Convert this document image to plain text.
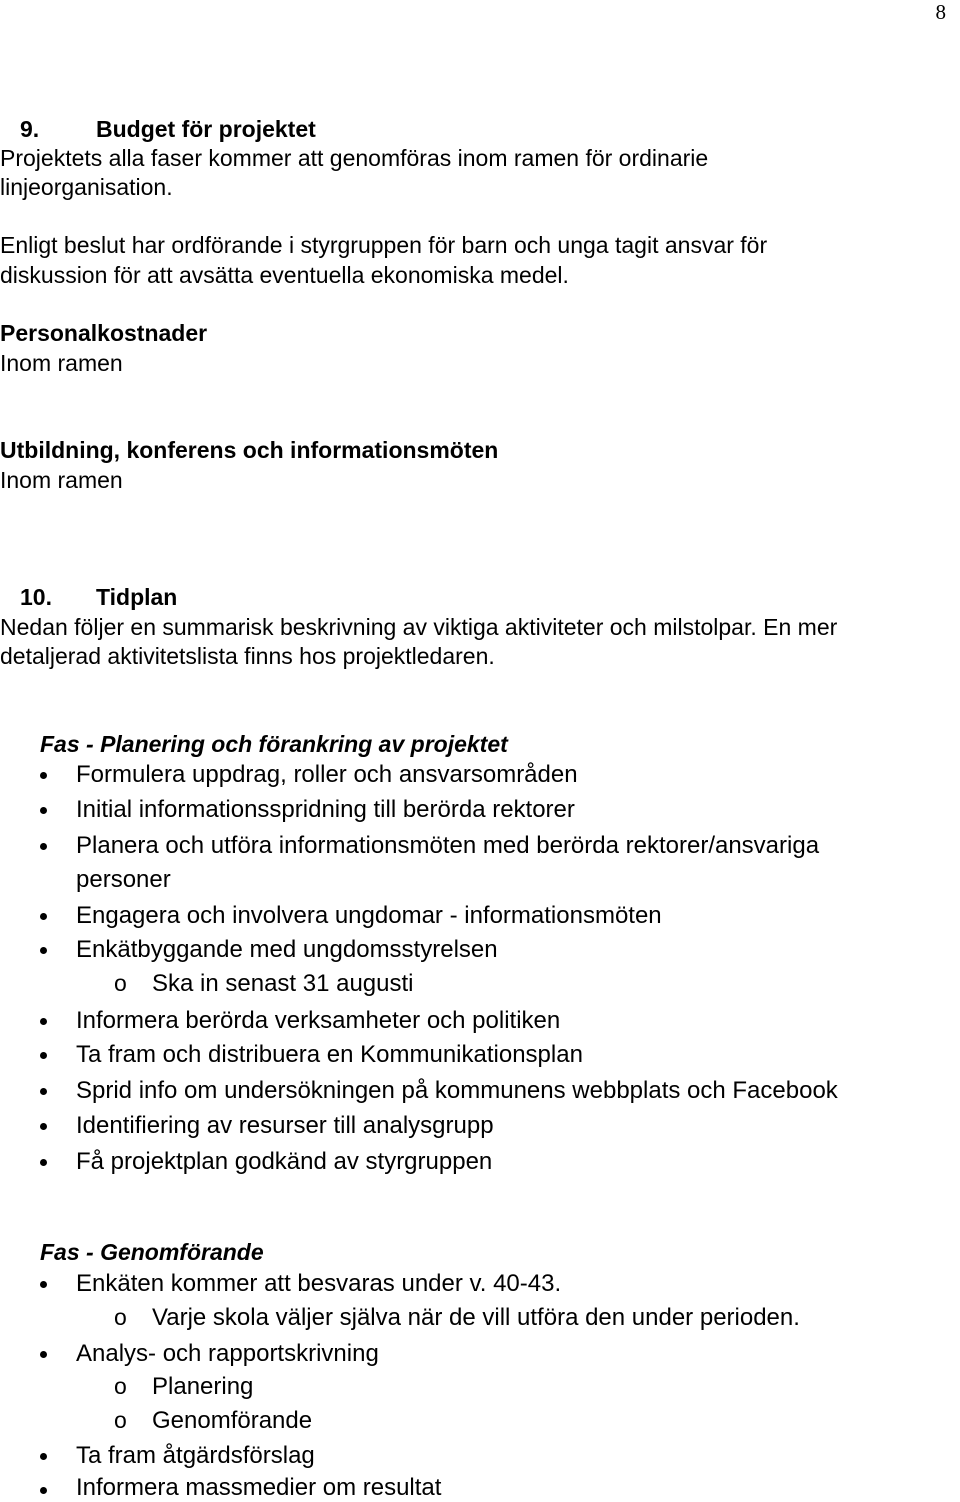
8
9. Budget för projektet
Projektets alla faser kommer att genomföras inom ramen för ordinarie
linjeorganisation.
Enligt beslut har ordförande i styrgruppen för barn och unga tagit ansvar för
diskussion för att avsätta eventuella ekonomiska medel.
Personalkostnader
Inom ramen
Utbildning, konferens och informationsmöten
Inom ramen
10. Tidplan
Nedan följer en summarisk beskrivning av viktiga aktiviteter och milstolpar. En mer
detaljerad aktivitetslista finns hos projektledaren.
Fas - Planering och förankring av projektet
Formulera uppdrag, roller och ansvarsområden
Initial informationsspridning till berörda rektorer
Planera och utföra informationsmöten med berörda rektorer/ansvariga
personer
Engagera och involvera ungdomar - informationsmöten
Enkätbyggande med ungdomsstyrelsen
o Ska in senast 31 augusti
Informera berörda verksamheter och politiken
Ta fram och distribuera en Kommunikationsplan
Sprid info om undersökningen på kommunens webbplats och Facebook
Identifiering av resurser till analysgrupp
Få projektplan godkänd av styrgruppen
Fas - Genomförande
Enkäten kommer att besvaras under v. 40-43.
o Varje skola väljer själva när de vill utföra den under perioden.
Analys- och rapportskrivning
o Planering
o Genomförande
Ta fram åtgärdsförslag
Informera massmedier om resultat
